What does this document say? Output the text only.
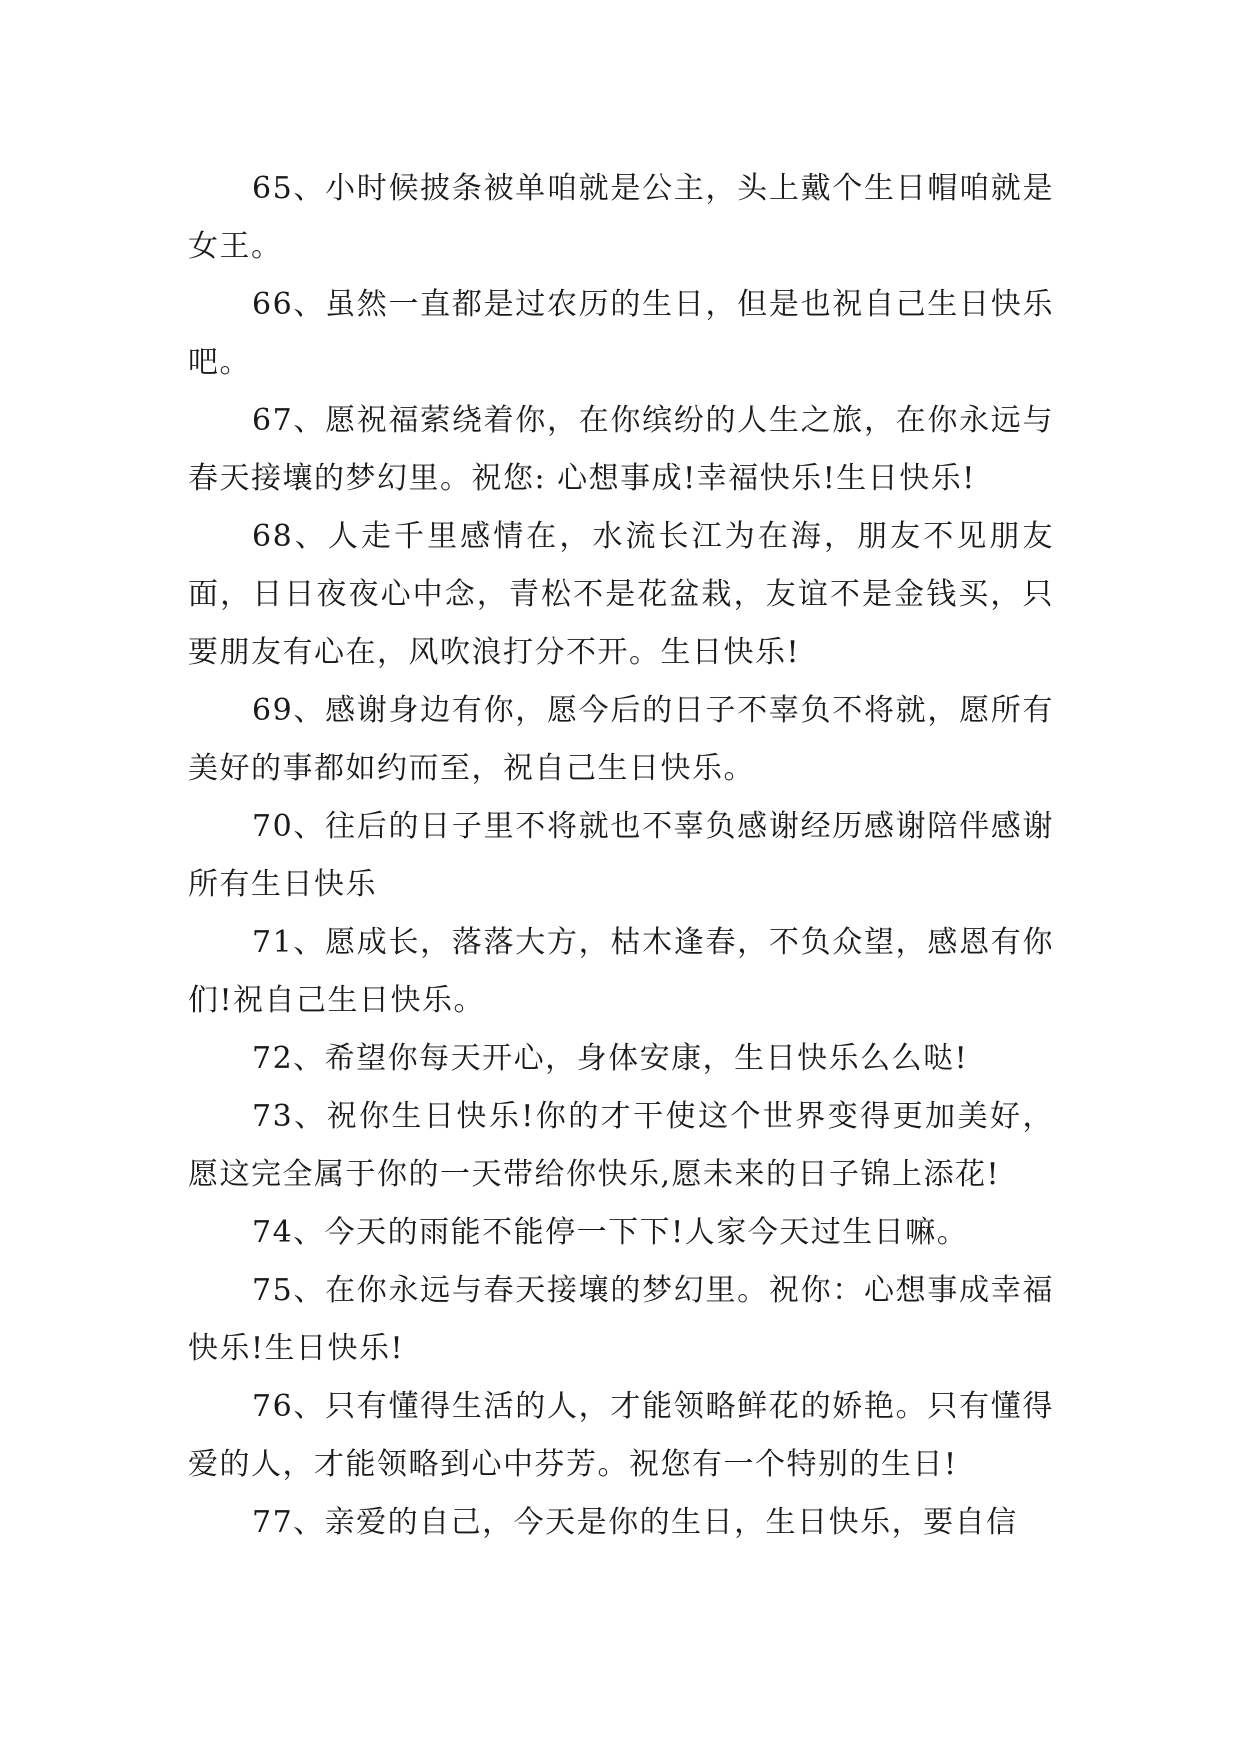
65、小时候披条被单咱就是公主，头上戴个生日帽咱就是女王。

66、虽然一直都是过农历的生日，但是也祝自己生日快乐吧。

67、愿祝福萦绕着你，在你缤纷的人生之旅，在你永远与春天接壤的梦幻里。祝您: 心想事成!幸福快乐!生日快乐!

68、人走千里感情在，水流长江为在海，朋友不见朋友面，日日夜夜心中念，青松不是花盆栽，友谊不是金钱买，只要朋友有心在，风吹浪打分不开。生日快乐!

69、感谢身边有你，愿今后的日子不辜负不将就，愿所有美好的事都如约而至，祝自己生日快乐。

70、往后的日子里不将就也不辜负感谢经历感谢陪伴感谢所有生日快乐

71、愿成长，落落大方，枯木逢春，不负众望，感恩有你们!祝自己生日快乐。

72、希望你每天开心，身体安康，生日快乐么么哒!

73、祝你生日快乐!你的才干使这个世界变得更加美好，愿这完全属于你的一天带给你快乐,愿未来的日子锦上添花!

74、今天的雨能不能停一下下!人家今天过生日嘛。

75、在你永远与春天接壤的梦幻里。祝你：心想事成幸福快乐!生日快乐!

76、只有懂得生活的人，才能领略鲜花的娇艳。只有懂得爱的人，才能领略到心中芬芳。祝您有一个特别的生日!

77、亲爱的自己，今天是你的生日，生日快乐，要自信
